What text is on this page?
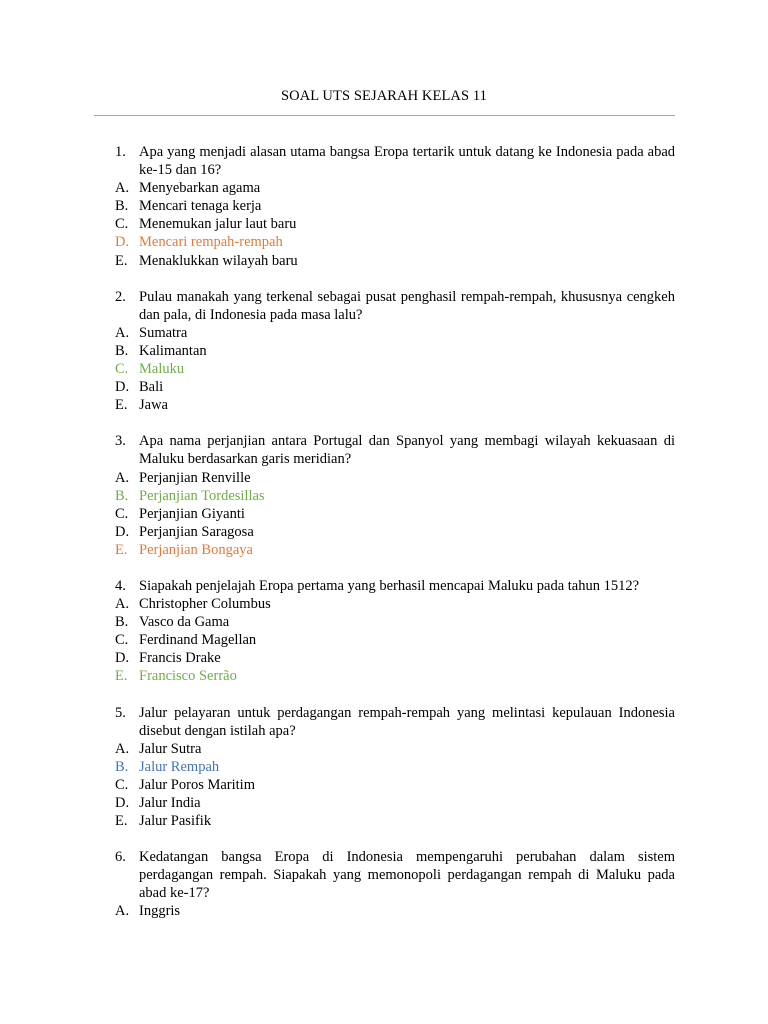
SOAL UTS SEJARAH KELAS 11
1. Apa yang menjadi alasan utama bangsa Eropa tertarik untuk datang ke Indonesia pada abad ke-15 dan 16?
A. Menyebarkan agama
B. Mencari tenaga kerja
C. Menemukan jalur laut baru
D. Mencari rempah-rempah
E. Menaklukkan wilayah baru
2. Pulau manakah yang terkenal sebagai pusat penghasil rempah-rempah, khususnya cengkeh dan pala, di Indonesia pada masa lalu?
A. Sumatra
B. Kalimantan
C. Maluku
D. Bali
E. Jawa
3. Apa nama perjanjian antara Portugal dan Spanyol yang membagi wilayah kekuasaan di Maluku berdasarkan garis meridian?
A. Perjanjian Renville
B. Perjanjian Tordesillas
C. Perjanjian Giyanti
D. Perjanjian Saragosa
E. Perjanjian Bongaya
4. Siapakah penjelajah Eropa pertama yang berhasil mencapai Maluku pada tahun 1512?
A. Christopher Columbus
B. Vasco da Gama
C. Ferdinand Magellan
D. Francis Drake
E. Francisco Serrão
5. Jalur pelayaran untuk perdagangan rempah-rempah yang melintasi kepulauan Indonesia disebut dengan istilah apa?
A. Jalur Sutra
B. Jalur Rempah
C. Jalur Poros Maritim
D. Jalur India
E. Jalur Pasifik
6. Kedatangan bangsa Eropa di Indonesia mempengaruhi perubahan dalam sistem perdagangan rempah. Siapakah yang memonopoli perdagangan rempah di Maluku pada abad ke-17?
A. Inggris
